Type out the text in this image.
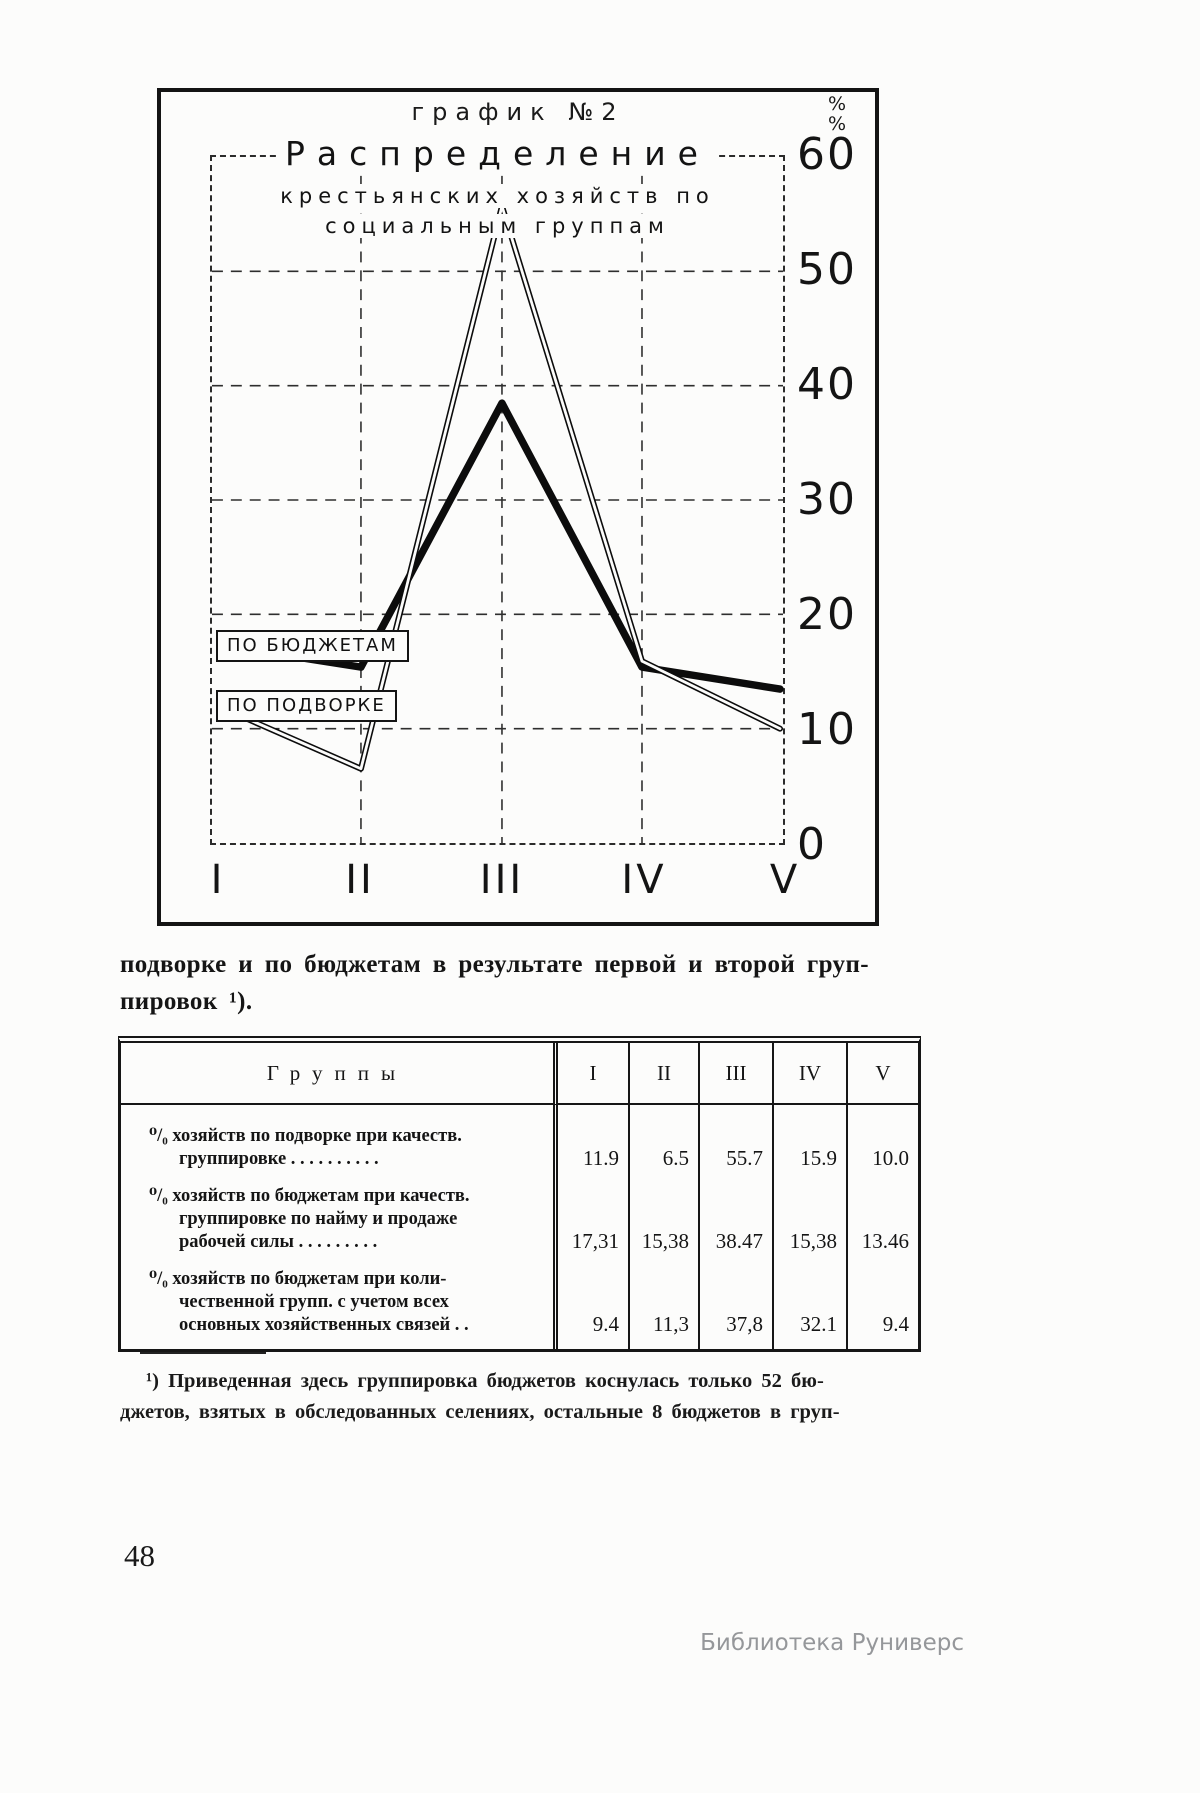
график №2	%
%
Распределение
крестьянских хозяйств по
социальным группам
ПО БЮДЖЕТАМ
ПО ПОДВОРКЕ
60
50
40
30
20
10
0
I	II	III	IV	V

подворке и по бюджетам в результате первой и второй груп-
пировок ¹).

Группы	I	II	III	IV	V
⁰/₀ хозяйств по подворке при качеств.
группировке . . . . . . . . . .	11.9	6.5	55.7	15.9	10.0
⁰/₀ хозяйств по бюджетам при качеств.
группировке по найму и продаже
рабочей силы . . . . . . . . .	17,31	15,38	38.47	15,38	13.46
⁰/₀ хозяйств по бюджетам при коли-
чественной групп. с учетом всех
основных хозяйственных связей . .	9.4	11,3	37,8	32.1	9.4

¹) Приведенная здесь группировка бюджетов коснулась только 52 бю-
джетов, взятых в обследованных селениях, остальные 8 бюджетов в груп-

48
Библиотека Руниверс
